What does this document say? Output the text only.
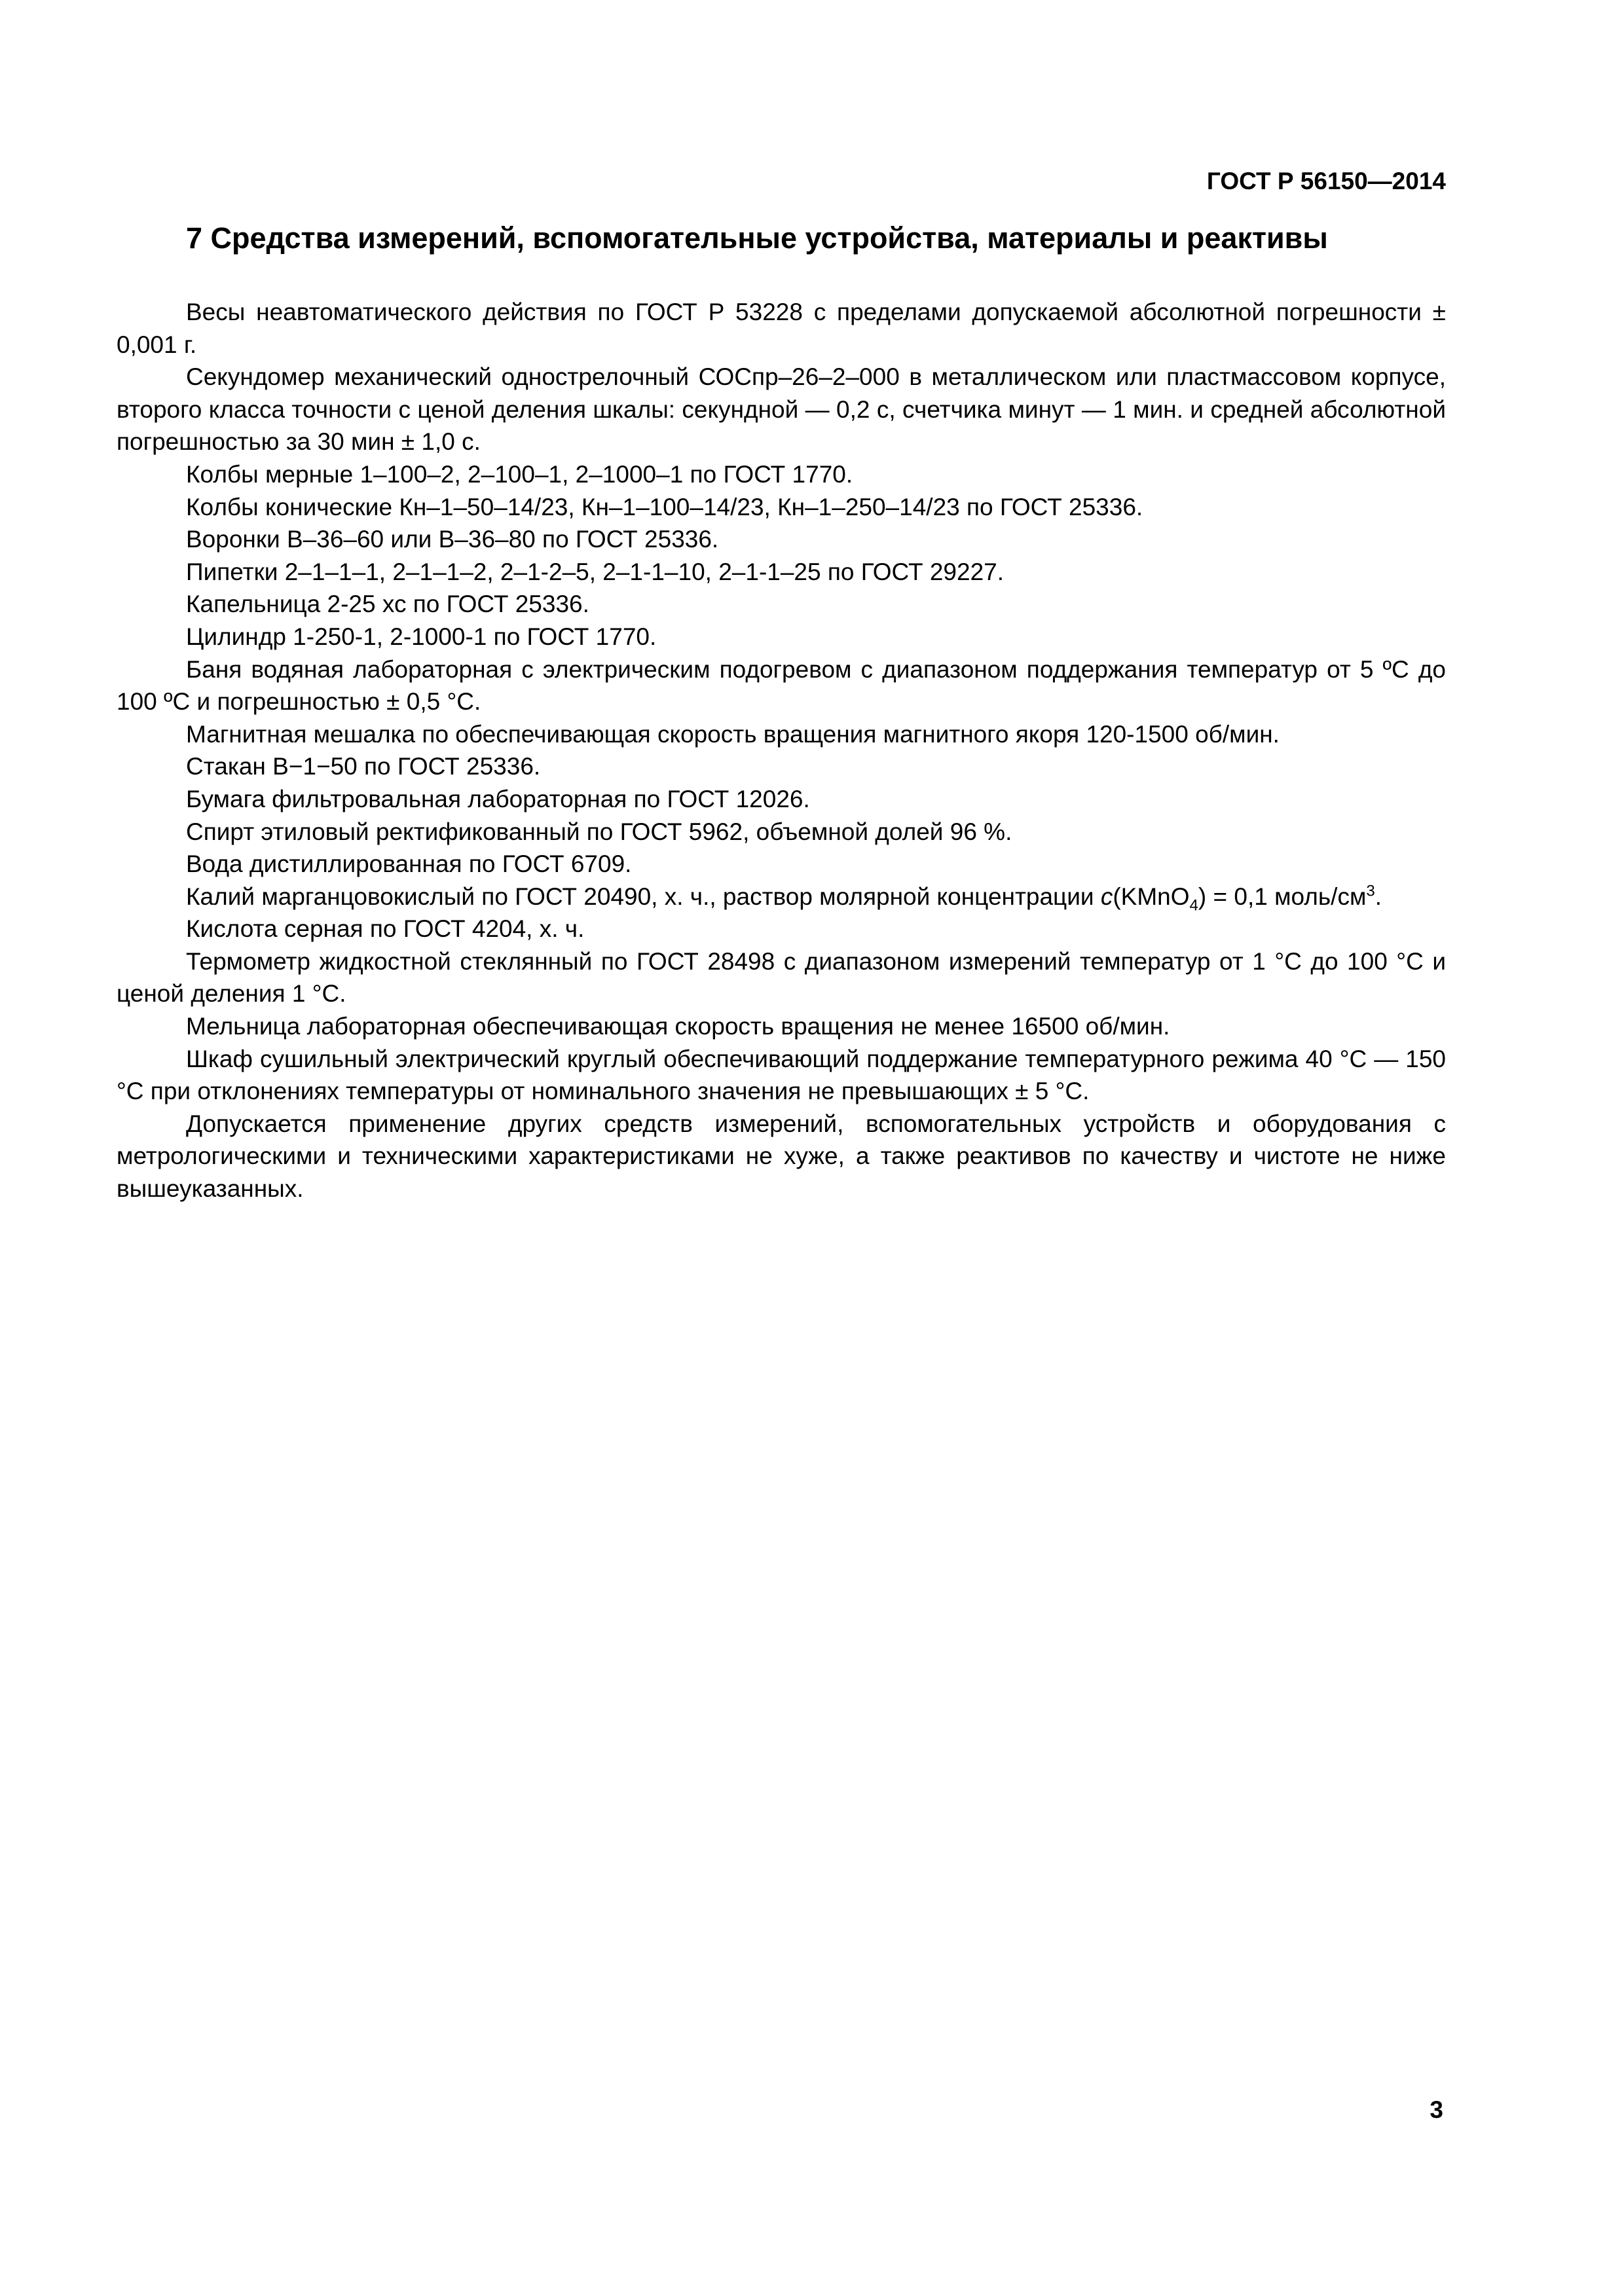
ГОСТ Р 56150—2014
7 Средства измерений, вспомогательные устройства, материалы и реактивы

Весы неавтоматического действия по ГОСТ Р 53228 с пределами допускаемой абсолютной погрешности ± 0,001 г.

Секундомер механический однострелочный СОСпр–26–2–000 в металлическом или пластмассовом корпусе, второго класса точности с ценой деления шкалы: секундной — 0,2 с, счетчика минут — 1 мин. и средней абсолютной погрешностью за 30 мин ± 1,0 с.

Колбы мерные 1–100–2, 2–100–1, 2–1000–1 по ГОСТ 1770.

Колбы конические Кн–1–50–14/23, Кн–1–100–14/23, Кн–1–250–14/23 по ГОСТ 25336.

Воронки В–36–60 или В–36–80 по ГОСТ 25336.

Пипетки 2–1–1–1, 2–1–1–2, 2–1-2–5, 2–1-1–10, 2–1-1–25 по ГОСТ 29227.

Капельница 2-25 хс по ГОСТ 25336.

Цилиндр 1-250-1, 2-1000-1 по ГОСТ 1770.

Баня водяная лабораторная с электрическим подогревом с диапазоном поддержания температур от 5 ºС до 100 ºС и погрешностью ± 0,5 °С.

Магнитная мешалка по обеспечивающая скорость вращения магнитного якоря 120-1500 об/мин.

Стакан В−1−50 по ГОСТ 25336.

Бумага фильтровальная лабораторная по ГОСТ 12026.

Спирт этиловый ректификованный по ГОСТ 5962, объемной долей 96 %.

Вода дистиллированная по ГОСТ 6709.

Калий марганцовокислый по ГОСТ 20490, х. ч., раствор молярной концентрации c(KMnO$_4$) = 0,1 моль/$см^3$.

Кислота серная по ГОСТ 4204, х. ч.

Термометр жидкостной стеклянный по ГОСТ 28498 с диапазоном измерений температур от 1 °С до 100 °С и ценой деления 1 °С.

Мельница лабораторная обеспечивающая скорость вращения не менее 16500 об/мин.

Шкаф сушильный электрический круглый обеспечивающий поддержание температурного режима 40 °С — 150 °С при отклонениях температуры от номинального значения не превышающих ± 5 °С.

Допускается применение других средств измерений, вспомогательных устройств и оборудования с метрологическими и техническими характеристиками не хуже, а также реактивов по качеству и чистоте не ниже вышеуказанных.

3
